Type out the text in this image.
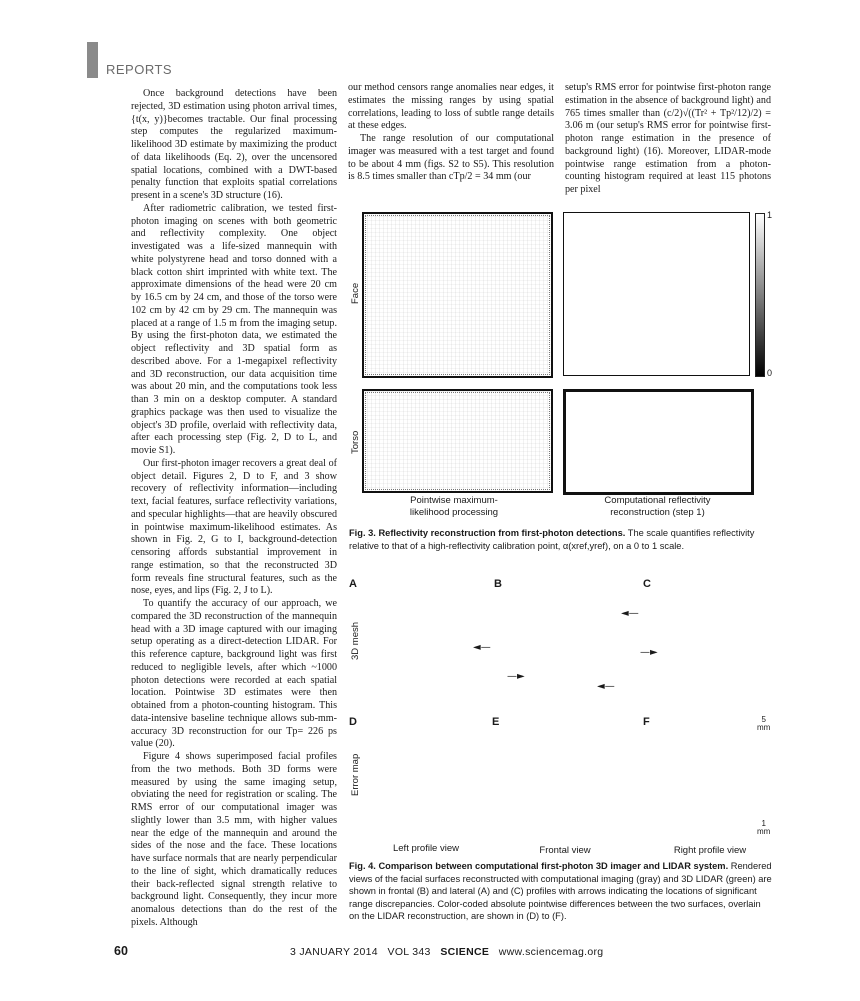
REPORTS

Once background detections have been rejected, 3D estimation using photon arrival times, {t(x, y)}becomes tractable. Our final processing step computes the regularized maximum-likelihood 3D estimate by maximizing the product of data likelihoods (Eq. 2), over the uncensored spatial locations, combined with a DWT-based penalty function that exploits spatial correlations present in a scene's 3D structure (16).

After radiometric calibration, we tested first-photon imaging on scenes with both geometric and reflectivity complexity. One object investigated was a life-sized mannequin with white polystyrene head and torso donned with a black cotton shirt imprinted with white text. The approximate dimensions of the head were 20 cm by 16.5 cm by 24 cm, and those of the torso were 102 cm by 42 cm by 29 cm. The mannequin was placed at a range of 1.5 m from the imaging setup. By using the first-photon data, we estimated the object reflectivity and 3D spatial form as described above. For a 1-megapixel reflectivity and 3D reconstruction, our data acquisition time was about 20 min, and the computations took less than 3 min on a desktop computer. A standard graphics package was then used to visualize the object's 3D profile, overlaid with reflectivity data, after each processing step (Fig. 2, D to L, and movie S1).

Our first-photon imager recovers a great deal of object detail. Figures 2, D to F, and 3 show recovery of reflectivity information—including text, facial features, surface reflectivity variations, and specular highlights—that are heavily obscured in pointwise maximum-likelihood estimates. As shown in Fig. 2, G to I, background-detection censoring affords substantial improvement in range estimation, so that the reconstructed 3D form reveals fine structural features, such as the nose, eyes, and lips (Fig. 2, J to L).

To quantify the accuracy of our approach, we compared the 3D reconstruction of the mannequin head with a 3D image captured with our imaging setup operating as a direct-detection LIDAR. For this reference capture, background light was first reduced to negligible levels, after which ~1000 photon detections were recorded at each spatial location. Pointwise 3D estimates were then obtained from a photon-counting histogram. This data-intensive baseline technique allows sub-mm-accuracy 3D reconstruction for our Tp= 226 ps value (20).

Figure 4 shows superimposed facial profiles from the two methods. Both 3D forms were measured by using the same imaging setup, obviating the need for registration or scaling. The RMS error of our computational imager was slightly lower than 3.5 mm, with higher values near the edge of the mannequin and around the sides of the nose and the face. These locations have surface normals that are nearly perpendicular to the line of sight, which dramatically reduces their back-reflected signal strength relative to background light. Consequently, they incur more anomalous detections than do the rest of the pixels. Although

our method censors range anomalies near edges, it estimates the missing ranges by using spatial correlations, leading to loss of subtle range details at these edges.

The range resolution of our computational imager was measured with a test target and found to be about 4 mm (figs. S2 to S5). This resolution is 8.5 times smaller than cTp/2 = 34 mm (our

setup's RMS error for pointwise first-photon range estimation in the absence of background light) and 765 times smaller than (c/2)√((Tr² + Tp²/12)/2) = 3.06 m (our setup's RMS error for pointwise first-photon range estimation in the presence of background light) (16). Moreover, LIDAR-mode pointwise range estimation from a photon-counting histogram required at least 115 photons per pixel

Face
Torso
1
0
Pointwise maximum-likelihood processing
Computational reflectivity reconstruction (step 1)
Fig. 3. Reflectivity reconstruction from first-photon detections. The scale quantifies reflectivity relative to that of a high-reflectivity calibration point, α(xref,yref), on a 0 to 1 scale.
A	B	C
D	E	F
3D mesh
Error map
◄—
—►
◄—
—►
◄—
5
mm
1
mm
Left profile view	Frontal view	Right profile view
Fig. 4. Comparison between computational first-photon 3D imager and LIDAR system. Rendered views of the facial surfaces reconstructed with computational imaging (gray) and 3D LIDAR (green) are shown in frontal (B) and lateral (A) and (C) profiles with arrows indicating the locations of significant range discrepancies. Color-coded absolute pointwise differences between the two surfaces, overlain on the LIDAR reconstruction, are shown in (D) to (F).
60	3 JANUARY 2014 VOL 343 SCIENCE www.sciencemag.org
